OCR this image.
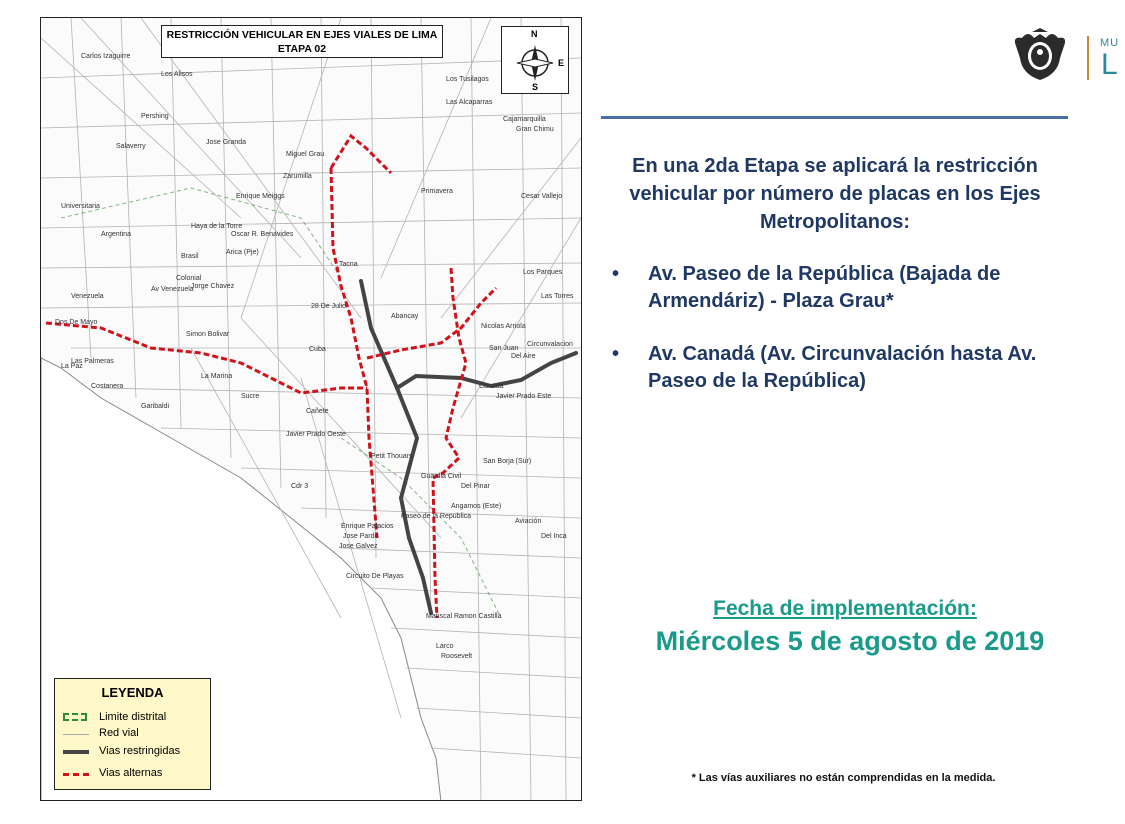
Dos De Mayo
Las Palmeras
La Paz
Simon Bolivar
Av Venezuela
Venezuela
Argentina	Oscar R. Benavides
Arica (Pje)
Colonial
Jose Granda
Enrique Meiggs
Miguel Grau
Zarumilla
Tacna
Abancay
Cañete
Jose Galvez
Canadá
Javier Prado Este
Javier Prado Oeste
San Borja (Sur)
Angamos (Este)
Aviación
Del Inca
Las Torres
Los Tusilagos
Las Alcaparras
Cajamarquilla
Gran Chimu
Cesar Vallejo
Los Parques
Nicolas Arriola
San Juan
Del Aire
Circunvalacion
Salaverry
Brasil
Pershing
Larco
Roosevelt
Primavera
Mariscal Ramon Castilla
Circuito De Playas
Enrique Palacios
Jose Pardo
28 De Julio
Cuba
Petit Thouars
Sucre
Garibaldi
Costanera
La Marina
Universitaria
Haya de la Torre
Jorge Chavez
Guardia Civil
Del Pinar
Paseo de la Republica
Cdr 3
Carlos Izaguirre
Los Alisos
RESTRICCIÓN VEHICULAR EN EJES VIALES DE LIMA
ETAPA 02
N
S
E
LEYENDA
Limite distrital
Red vial
Vias restringidas
Vias alternas
MU
L
En una 2da Etapa se aplicará la restricción vehicular por número de placas en los Ejes Metropolitanos:
• Av. Paseo de la República (Bajada de Armendáriz) - Plaza Grau*
• Av. Canadá (Av. Circunvalación hasta Av. Paseo de la República)
Fecha de implementación:
Miércoles 5 de agosto de 2019
* Las vías auxiliares no están comprendidas en la medida.
